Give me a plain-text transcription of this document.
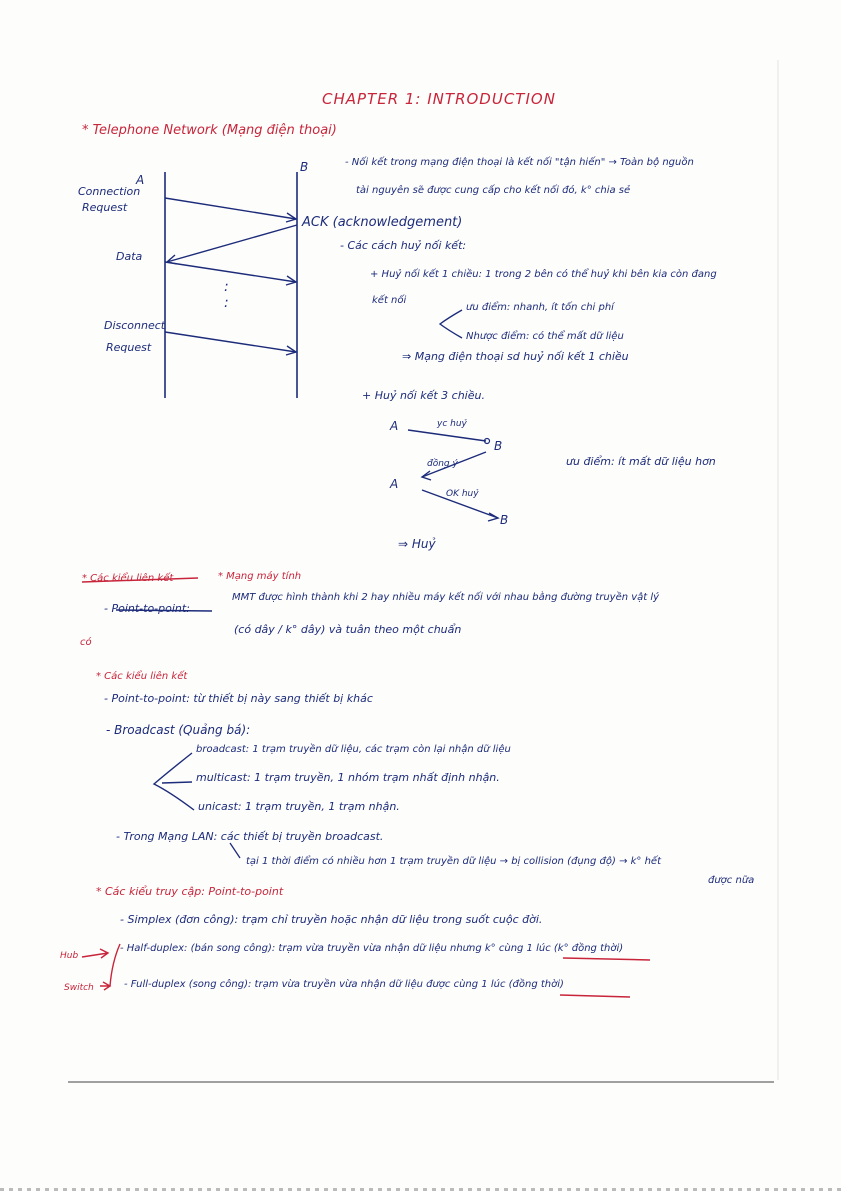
CHAPTER 1: INTRODUCTION
* Telephone Network (Mạng điện thoại)
A
B
Connection
Request
Data
:
:
Disconnect
Request
ACK (acknowledgement)
- Nối kết trong mạng điện thoại là kết nối "tận hiến" → Toàn bộ nguồn
tài nguyên sẽ được cung cấp cho kết nối đó, k° chia sẻ
- Các cách huỷ nối kết:
+ Huỷ nối kết 1 chiều: 1 trong 2 bên có thể huỷ khi bên kia còn đang
kết nối
ưu điểm: nhanh, ít tốn chi phí
Nhược điểm: có thể mất dữ liệu
⇒ Mạng điện thoại sd huỷ nối kết 1 chiều
+ Huỷ nối kết 3 chiều.
A	yc huỷ
B
đồng ý
A
OK huỷ
B
⇒ Huỷ
ưu điểm: ít mất dữ liệu hơn
* Các kiểu liên kết	* Mạng máy tính
- Point-to-point:
MMT được hình thành khi 2 hay nhiều máy kết nối với nhau bằng đường truyền vật lý
(có dây / k° dây) và tuân theo một chuẩn
có
* Các kiểu liên kết
- Point-to-point: từ thiết bị này sang thiết bị khác
- Broadcast (Quảng bá):
broadcast: 1 trạm truyền dữ liệu, các trạm còn lại nhận dữ liệu
multicast: 1 trạm truyền, 1 nhóm trạm nhất định nhận.
unicast: 1 trạm truyền, 1 trạm nhận.
- Trong Mạng LAN: các thiết bị truyền broadcast.
tại 1 thời điểm có nhiều hơn 1 trạm truyền dữ liệu → bị collision (đụng độ) → k° hết
được nữa
* Các kiểu truy cập: Point-to-point
- Simplex (đơn công): trạm chỉ truyền hoặc nhận dữ liệu trong suốt cuộc đời.
- Half-duplex: (bán song công): trạm vừa truyền vừa nhận dữ liệu nhưng k° cùng 1 lúc (k° đồng thời)
- Full-duplex (song công): trạm vừa truyền vừa nhận dữ liệu được cùng 1 lúc (đồng thời)
Hub
Switch
